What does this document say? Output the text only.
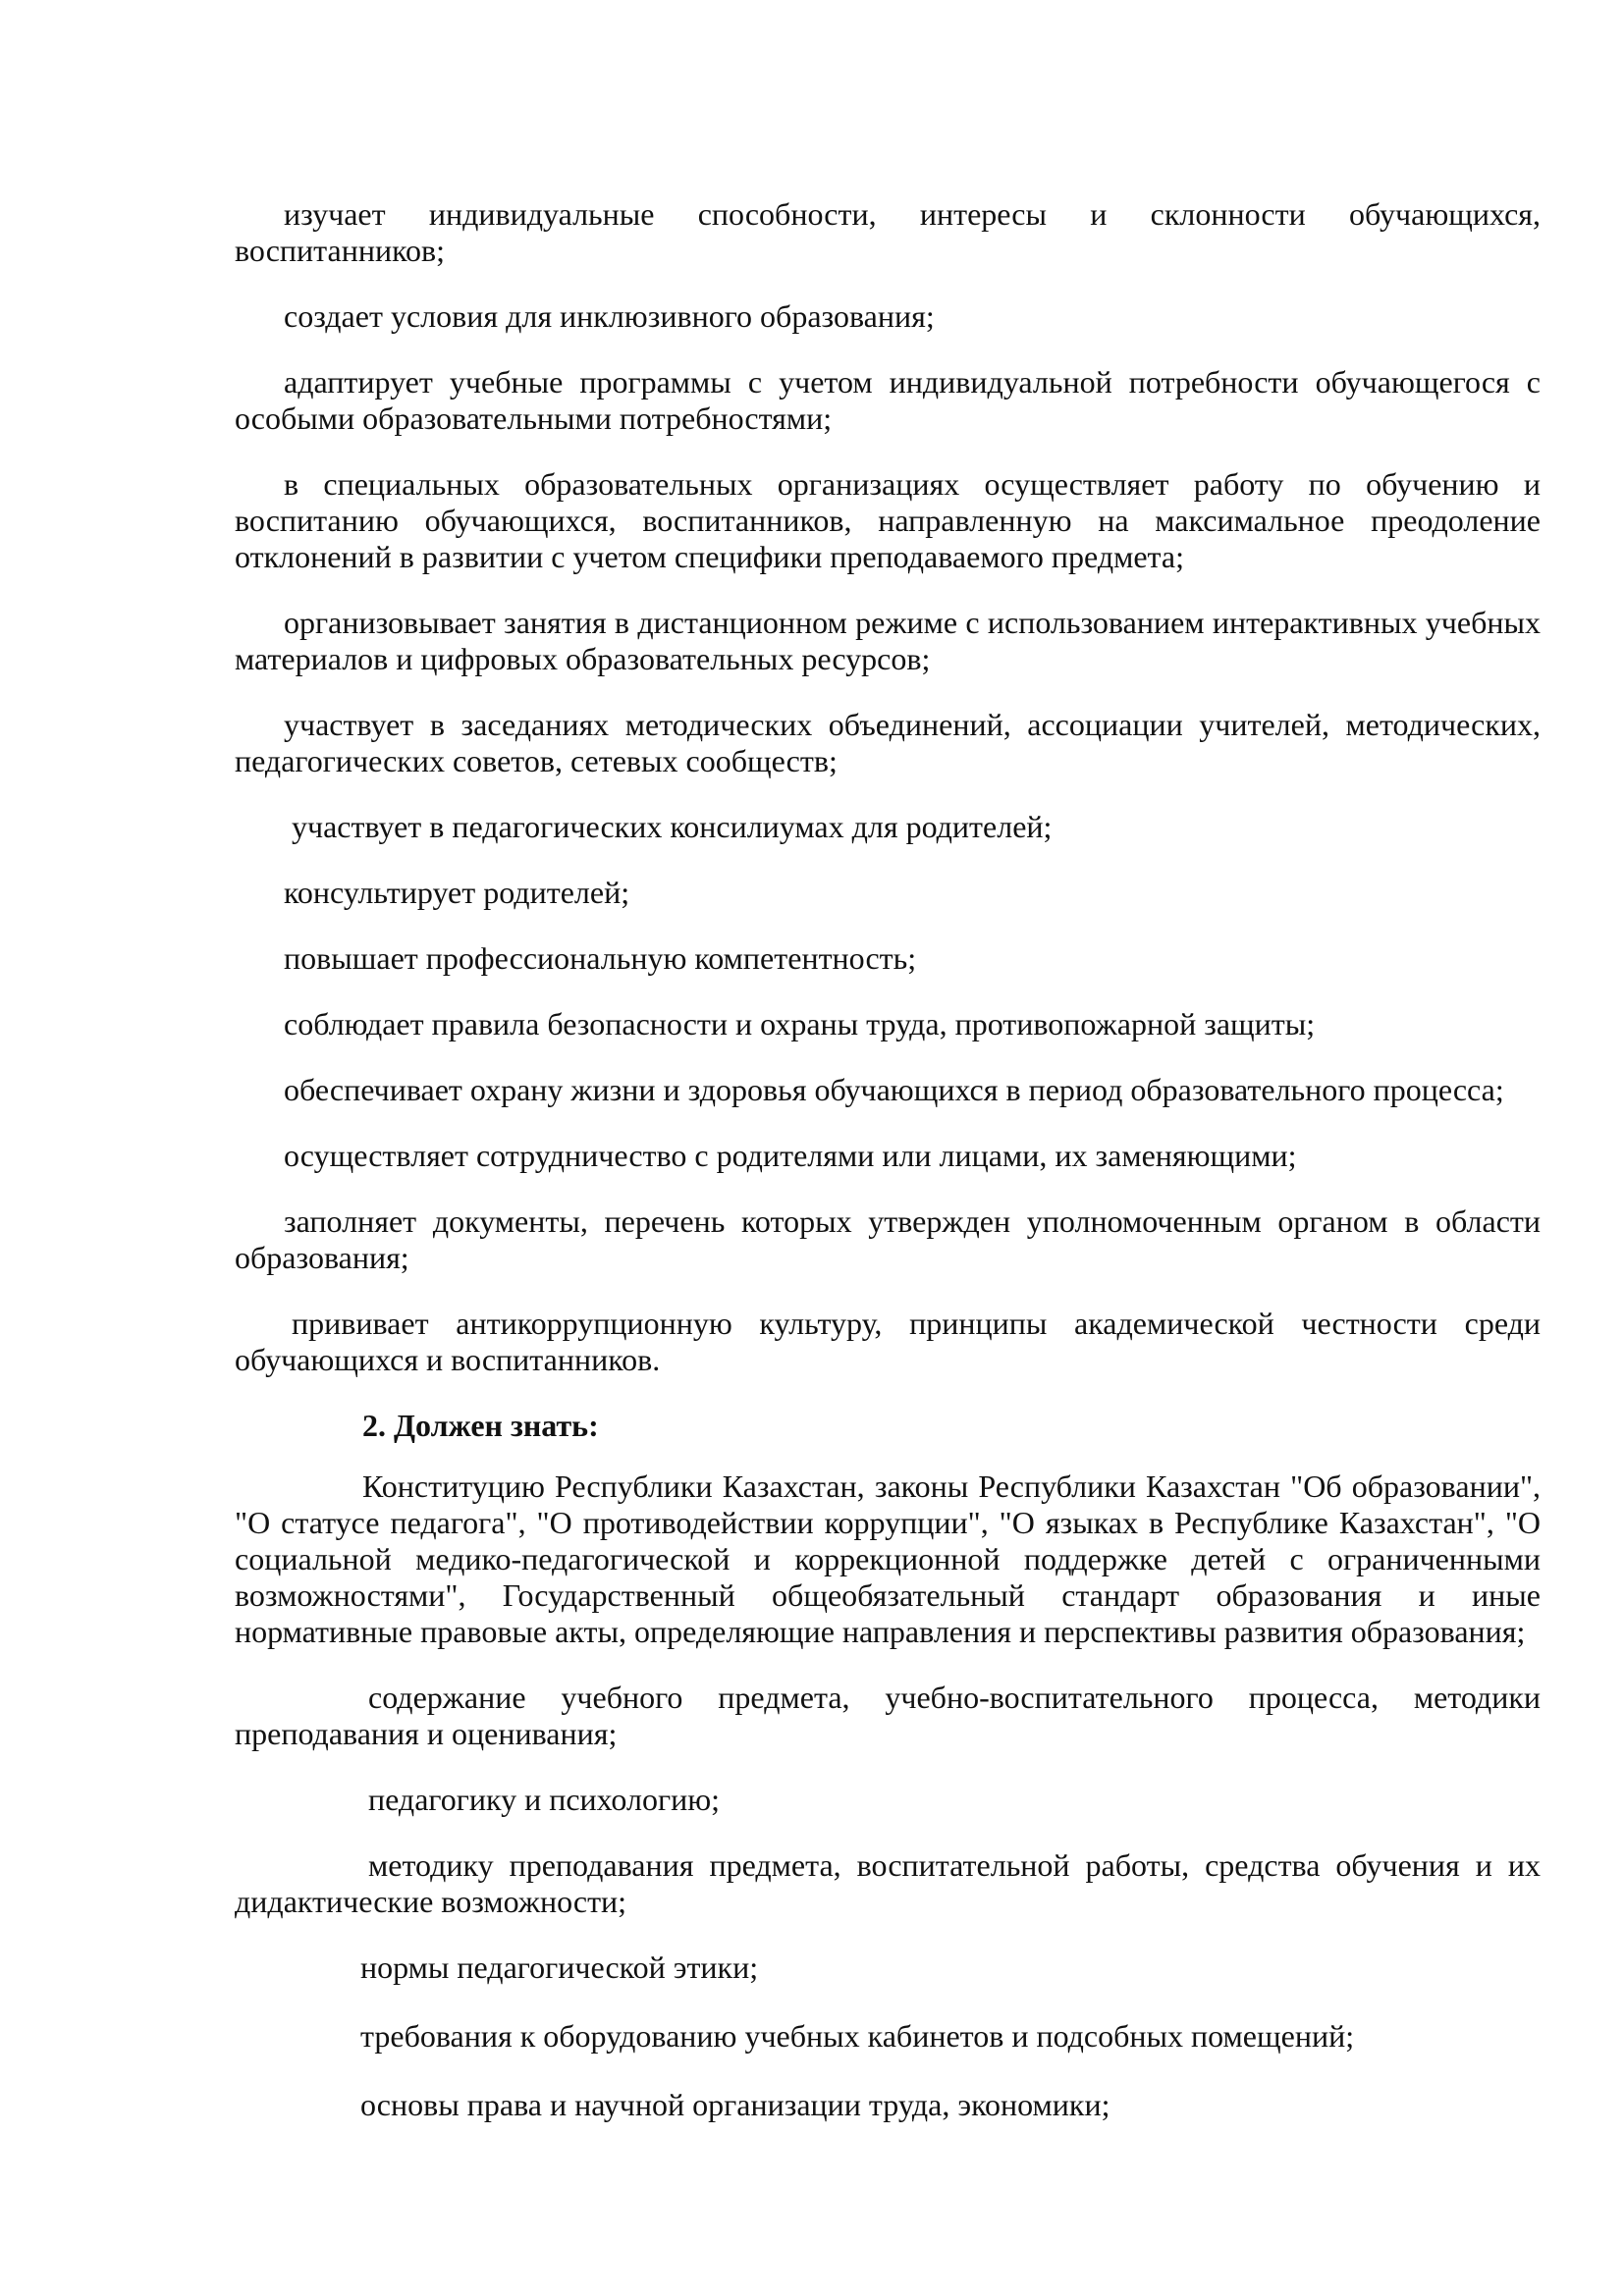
изучает индивидуальные способности, интересы и склонности обучающихся, воспитанников;

создает условия для инклюзивного образования;

адаптирует учебные программы с учетом индивидуальной потребности обучающегося с особыми образовательными потребностями;

в специальных образовательных организациях осуществляет работу по обучению и воспитанию обучающихся, воспитанников, направленную на максимальное преодоление отклонений в развитии с учетом специфики преподаваемого предмета;

организовывает занятия в дистанционном режиме с использованием интерактивных учебных материалов и цифровых образовательных ресурсов;

участвует в заседаниях методических объединений, ассоциации учителей, методических, педагогических советов, сетевых сообществ;

участвует в педагогических консилиумах для родителей;

консультирует родителей;

повышает профессиональную компетентность;

соблюдает правила безопасности и охраны труда, противопожарной защиты;

обеспечивает охрану жизни и здоровья обучающихся в период образовательного процесса;

осуществляет сотрудничество с родителями или лицами, их заменяющими;

заполняет документы, перечень которых утвержден уполномоченным органом в области образования;

прививает антикоррупционную культуру, принципы академической честности среди обучающихся и воспитанников.

2. Должен знать:

Конституцию Республики Казахстан, законы Республики Казахстан "Об образовании", "О статусе педагога", "О противодействии коррупции", "О языках в Республике Казахстан", "О социальной медико-педагогической и коррекционной поддержке детей с ограниченными возможностями", Государственный общеобязательный стандарт образования и иные нормативные правовые акты, определяющие направления и перспективы развития образования;

содержание учебного предмета, учебно-воспитательного процесса, методики преподавания и оценивания;

педагогику и психологию;

методику преподавания предмета, воспитательной работы, средства обучения и их дидактические возможности;

нормы педагогической этики;

требования к оборудованию учебных кабинетов и подсобных помещений;

основы права и научной организации труда, экономики;
